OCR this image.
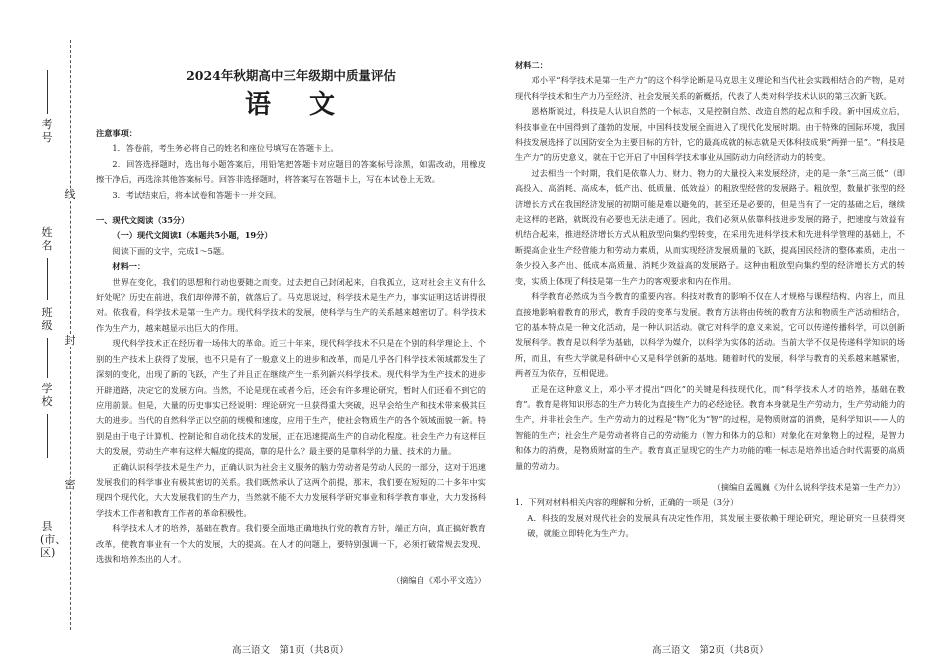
线
封
密
考号
姓名
班级
学校
县(市、区)
2024年秋期高中三年级期中质量评估
语文

注意事项：

1．答卷前，考生务必将自己的姓名和座位号填写在答题卡上。

2．回答选择题时，选出每小题答案后，用铅笔把答题卡对应题目的答案标号涂黑，如需改动，用橡皮擦干净后，再选涂其他答案标号。回答非选择题时，将答案写在答题卡上，写在本试卷上无效。

3．考试结束后，将本试卷和答题卡一并交回。

一、现代文阅读（35分）

（一）现代文阅读Ⅰ（本题共5小题，19分）

阅读下面的文字，完成1～5题。

材料一：

世界在变化，我们的思想和行动也要随之而变。过去把自己封闭起来，自我孤立，这对社会主义有什么好处呢？历史在前进，我们却停滞不前，就落后了。马克思说过，科学技术是生产力，事实证明这话讲得很对。依我看，科学技术是第一生产力。现代科学技术的发展，使科学与生产的关系越来越密切了。科学技术作为生产力，越来越显示出巨大的作用。

现代科学技术正在经历着一场伟大的革命。近三十年来，现代科学技术不只是在个别的科学理论上、个别的生产技术上获得了发展，也不只是有了一般意义上的进步和改革，而是几乎各门科学技术领域都发生了深刻的变化，出现了新的飞跃，产生了并且正在继续产生一系列新兴科学技术。现代科学为生产技术的进步开辟道路，决定它的发展方向。当然，不论是现在或者今后，还会有许多理论研究，暂时人们还看不到它的应用前景。但是，大量的历史事实已经说明：理论研究一旦获得重大突破，迟早会给生产和技术带来极其巨大的进步。当代的自然科学正以空前的规模和速度，应用于生产，使社会物质生产的各个领域面貌一新。特别是由于电子计算机、控制论和自动化技术的发展，正在迅速提高生产的自动化程度。社会生产力有这样巨大的发展，劳动生产率有这样大幅度的提高，靠的是什么？最主要的是靠科学的力量、技术的力量。

正确认识科学技术是生产力，正确认识为社会主义服务的脑力劳动者是劳动人民的一部分，这对于迅速发展我们的科学事业有极其密切的关系。我们既然承认了这两个前提，那末，我们要在短短的二十多年中实现四个现代化，大大发展我们的生产力，当然就不能不大力发展科学研究事业和科学教育事业，大力发扬科学技术工作者和教育工作者的革命积极性。

科学技术人才的培养，基础在教育。我们要全面地正确地执行党的教育方针，端正方向，真正搞好教育改革，使教育事业有一个大的发展，大的提高。在人才的问题上，要特别强调一下，必须打破常规去发现、选拔和培养杰出的人才。

（摘编自《邓小平文选》）

高三语文　第1页（共8页）

材料二：

邓小平“科学技术是第一生产力”的这个科学论断是马克思主义理论和当代社会实践相结合的产物，是对现代科学技术和生产力乃至经济、社会发展关系的新概括，代表了人类对科学技术认识的第三次新飞跃。

恩格斯说过，科技是人认识自然的一个标志，又是控制自然、改造自然的起点和手段。新中国成立后，科技事业在中国得到了蓬勃的发展，中国科技发展全面进入了现代化发展时期。由于特殊的国际环境，我国科技发展选择了以国防安全为主要目标的方针，它的最高成就的标志就是天体科技成果“两弹一星”。“科技是生产力”的历史意义，就在于它开启了中国科学技术事业从国防动力向经济动力的转变。

过去相当一个时期，我们是依靠人力、财力、物力的大量投入来发展经济，走的是一条“三高三低”（即高投入、高消耗、高成本，低产出、低质量、低效益）的粗放型经营的发展路子。粗放型，数量扩张型的经济增长方式在我国经济发展的初期可能是难以避免的，甚至还是必要的，但是当有了一定的基础之后，继续走这样的老路，就既没有必要也无法走通了。因此，我们必须从依靠科技进步发展的路子，把速度与效益有机结合起来，推进经济增长方式从粗放型向集约型转变，在采用先进科学技术和先进科学管理的基础上，不断提高企业生产经营能力和劳动力素质，从而实现经济发展质量的飞跃，提高国民经济的整体素质，走出一条少投入多产出、低成本高质量、消耗少效益高的发展路子。这种由粗放型向集约型的经济增长方式的转变，实质上体现了科技是第一生产力的客观要求和内在作用。

科学教育必然成为当今教育的重要内容。科技对教育的影响不仅在人才规格与课程结构、内容上，而且直接地影响着教育的形式，教育手段的变革与发展。教育方法将由传统的教育方法和物质生产活动相结合，它的基本特点是一种文化活动，是一种认识活动。就它对科学的意义来说，它可以传递传播科学，可以创新发展科学。教育是以科学为基础，以科学为媒介，以科学为实体的活动。当前大学不仅是传递科学知识的场所，而且，有些大学就是科研中心又是科学创新的基地。随着时代的发展，科学与教育的关系越来越紧密，两者互为依存，互相促进。

正是在这种意义上，邓小平才提出“四化”的关键是科技现代化，而“科学技术人才的培养，基础在教育”。教育是将知识形态的生产力转化为直接生产力的必经途径。教育本身就是生产劳动力，生产劳动能力的生产，并非社会生产。生产劳动力的过程是“物”化为“智”的过程，是物质财富的消费，是科学知识——人的智能的生产；社会生产是劳动者将自己的劳动能力（智力和体力的总和）对象化在对象物上的过程，是智力和体力的消费，是物质财富的生产。教育真正显现它的生产力功能的唯一标志是培养出适合时代需要的高质量的劳动力。

（摘编自孟鳳巍《为什么说科学技术是第一生产力》）

1．下列对材料相关内容的理解和分析，正确的一项是（3分）

A．科技的发展对现代社会的发展具有决定性作用，其发展主要依赖于理论研究，理论研究一旦获得突破，就能立即转化为生产力。

高三语文　第2页（共8页）
